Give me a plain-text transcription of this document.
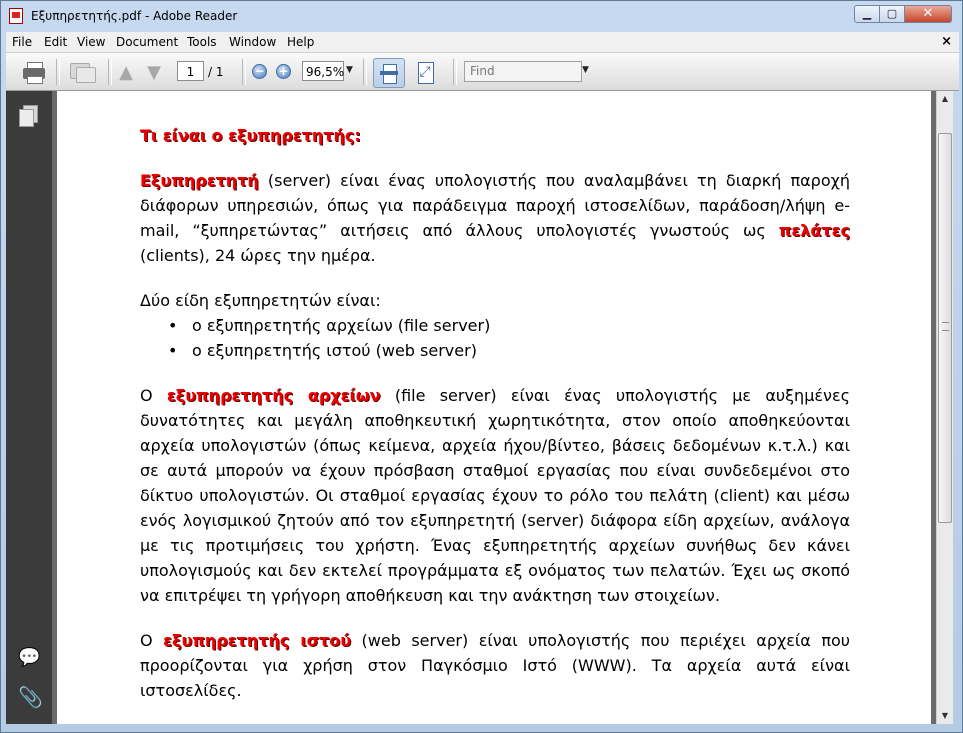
Εξυπηρετητής.pdf - Adobe Reader	▁	▢	✕
File Edit View Document Tools Window Help	×
▲ ▼	1	/ 1	− +	96,5% ▼	⤢	Find	▼
💬
📎

Τι είναι ο εξυπηρετητής:

Εξυπηρετητή (server) είναι ένας υπολογιστής που αναλαμβάνει τη διαρκή παροχή διάφορων υπηρεσιών, όπως για παράδειγμα παροχή ιστοσελίδων, παράδοση/λήψη e-mail, “ξυπηρετώντας” αιτήσεις από άλλους υπολογιστές γνωστούς ως πελάτες (clients), 24 ώρες την ημέρα.

Δύο είδη εξυπηρετητών είναι:

• ο εξυπηρετητής αρχείων (file server)
• ο εξυπηρετητής ιστού (web server)

Ο εξυπηρετητής αρχείων (file server) είναι ένας υπολογιστής με αυξημένες δυνατότητες και μεγάλη αποθηκευτική χωρητικότητα, στον οποίο αποθηκεύονται αρχεία υπολογιστών (όπως κείμενα, αρχεία ήχου/βίντεο, βάσεις δεδομένων κ.τ.λ.) και σε αυτά μπορούν να έχουν πρόσβαση σταθμοί εργασίας που είναι συνδεδεμένοι στο δίκτυο υπολογιστών. Οι σταθμοί εργασίας έχουν το ρόλο του πελάτη (client) και μέσω ενός λογισμικού ζητούν από τον εξυπηρετητή (server) διάφορα είδη αρχείων, ανάλογα με τις προτιμήσεις του χρήστη. Ένας εξυπηρετητής αρχείων συνήθως δεν κάνει υπολογισμούς και δεν εκτελεί προγράμματα εξ ονόματος των πελατών. Έχει ως σκοπό να επιτρέψει τη γρήγορη αποθήκευση και την ανάκτηση των στοιχείων.

Ο εξυπηρετητής ιστού (web server) είναι υπολογιστής που περιέχει αρχεία που προορίζονται για χρήση στον Παγκόσμιο Ιστό (WWW). Τα αρχεία αυτά είναι ιστοσελίδες.

▲
▼
